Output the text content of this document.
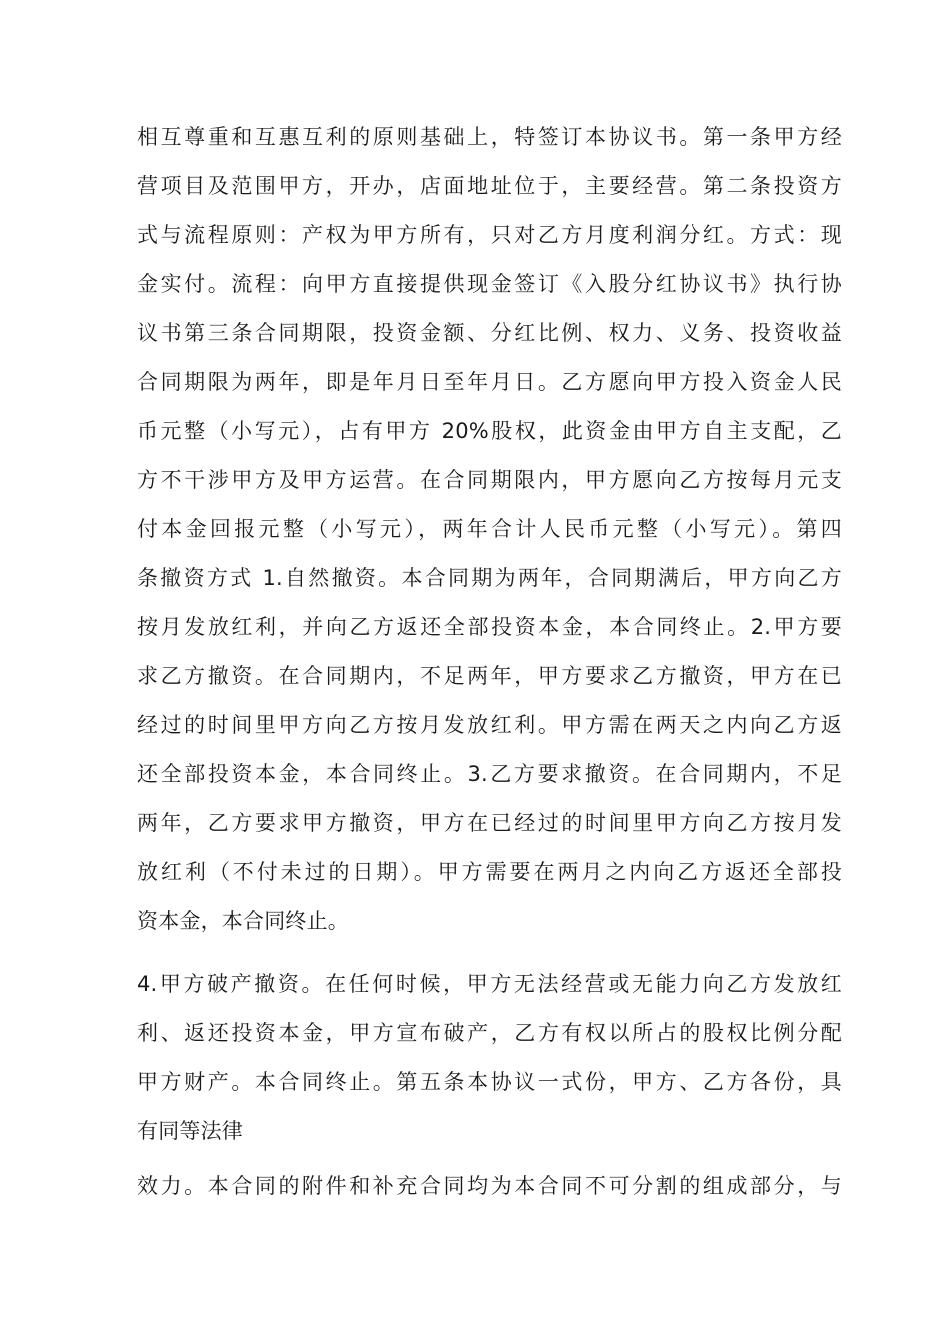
相互尊重和互惠互利的原则基础上，特签订本协议书。第一条甲方经
营项目及范围甲方，开办，店面地址位于，主要经营。第二条投资方
式与流程原则：产权为甲方所有，只对乙方月度利润分红。方式：现
金实付。流程：向甲方直接提供现金签订《入股分红协议书》执行协
议书第三条合同期限，投资金额、分红比例、权力、义务、投资收益
合同期限为两年，即是年月日至年月日。乙方愿向甲方投入资金人民
币元整（小写元），占有甲方 20%股权，此资金由甲方自主支配，乙
方不干涉甲方及甲方运营。在合同期限内，甲方愿向乙方按每月元支
付本金回报元整（小写元），两年合计人民币元整（小写元）。第四
条撤资方式 1.自然撤资。本合同期为两年，合同期满后，甲方向乙方
按月发放红利，并向乙方返还全部投资本金，本合同终止。2.甲方要
求乙方撤资。在合同期内，不足两年，甲方要求乙方撤资，甲方在已
经过的时间里甲方向乙方按月发放红利。甲方需在两天之内向乙方返
还全部投资本金，本合同终止。3.乙方要求撤资。在合同期内，不足
两年，乙方要求甲方撤资，甲方在已经过的时间里甲方向乙方按月发
放红利（不付未过的日期）。甲方需要在两月之内向乙方返还全部投
资本金，本合同终止。
4.甲方破产撤资。在任何时候，甲方无法经营或无能力向乙方发放红
利、返还投资本金，甲方宣布破产，乙方有权以所占的股权比例分配
甲方财产。本合同终止。第五条本协议一式份，甲方、乙方各份，具
有同等法律
效力。本合同的附件和补充合同均为本合同不可分割的组成部分，与
